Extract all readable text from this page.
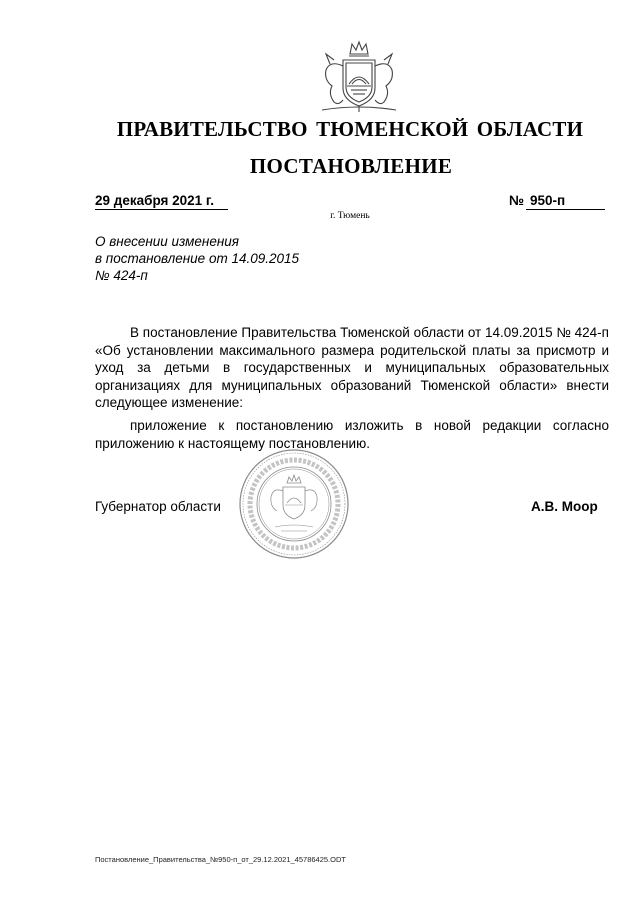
ПРАВИТЕЛЬСТВО ТЮМЕНСКОЙ ОБЛАСТИ
ПОСТАНОВЛЕНИЕ
29 декабря 2021 г.	№ 950-п
г. Тюмень
О внесении изменения
в постановление от 14.09.2015
№ 424-п
В постановление Правительства Тюменской области от 14.09.2015 № 424-п «Об установлении максимального размера родительской платы за присмотр и уход за детьми в государственных и муниципальных образовательных организациях для муниципальных образований Тюменской области» внести следующее изменение:
приложение к постановлению изложить в новой редакции согласно приложению к настоящему постановлению.
Губернатор области	А.В. Моор
Постановление_Правительства_№950-п_от_29.12.2021_45786425.ODT
